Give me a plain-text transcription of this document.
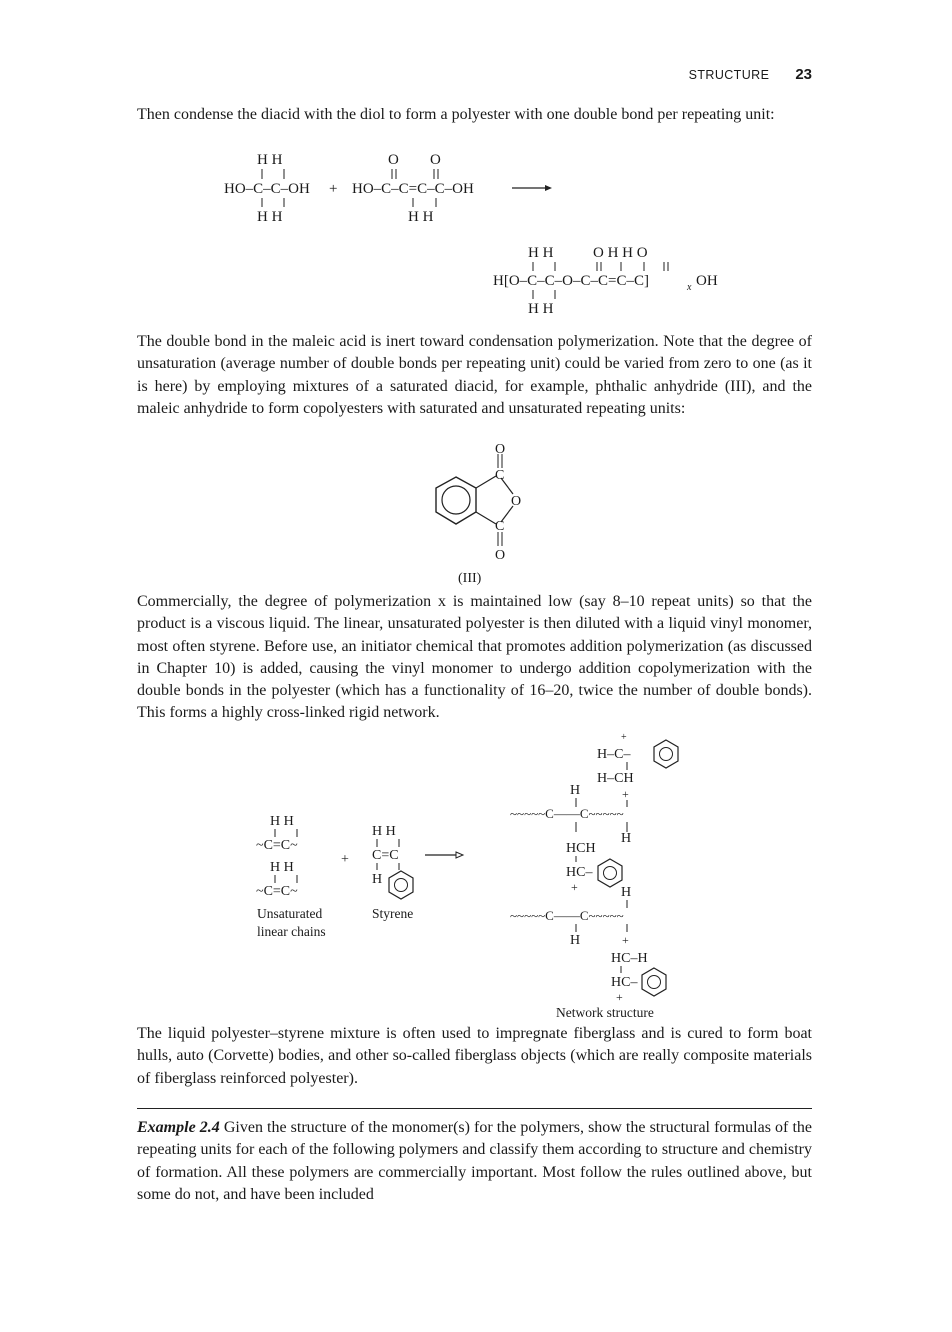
STRUCTURE 23

Then condense the diacid with the diol to form a polyester with one double bond per repeating unit:

H H
HO–C–C–OH
H H
+
O O
HO–C–C=C–C–OH
H H
H H	O H H O
H[O–C–C–O–C–C=C–C]	x OH
H H

The double bond in the maleic acid is inert toward condensation polymerization. Note that the degree of unsaturation (average number of double bonds per repeating unit) could be varied from zero to one (as it is here) by employing mixtures of a saturated diacid, for example, phthalic anhydride (III), and the maleic anhydride to form copolyesters with saturated and unsaturated repeating units:

O
C
O
C
O
(III)

Commercially, the degree of polymerization x is maintained low (say 8–10 repeat units) so that the product is a viscous liquid. The linear, unsaturated polyester is then diluted with a liquid vinyl monomer, most often styrene. Before use, an initiator chemical that promotes addition polymerization (as discussed in Chapter 10) is added, causing the vinyl monomer to undergo addition copolymerization with the double bonds in the polyester (which has a functionality of 16–20, twice the number of double bonds). This forms a highly cross-linked rigid network.

H H
~C=C~
H H
~C=C~
+
H H
C=C
H
+
H–C–
H–CH
+
H
~~~~~C——C~~~~~
H
HCH
HC–
+	H
~~~~~C——C~~~~~
H	+
HC–H
HC–
+
Unsaturated
linear chains
Styrene
Network structure

The liquid polyester–styrene mixture is often used to impregnate fiberglass and is cured to form boat hulls, auto (Corvette) bodies, and other so-called fiberglass objects (which are really composite materials of fiberglass reinforced polyester).

Example 2.4 Given the structure of the monomer(s) for the polymers, show the structural formulas of the repeating units for each of the following polymers and classify them according to structure and chemistry of formation. All these polymers are commercially important. Most follow the rules outlined above, but some do not, and have been included
